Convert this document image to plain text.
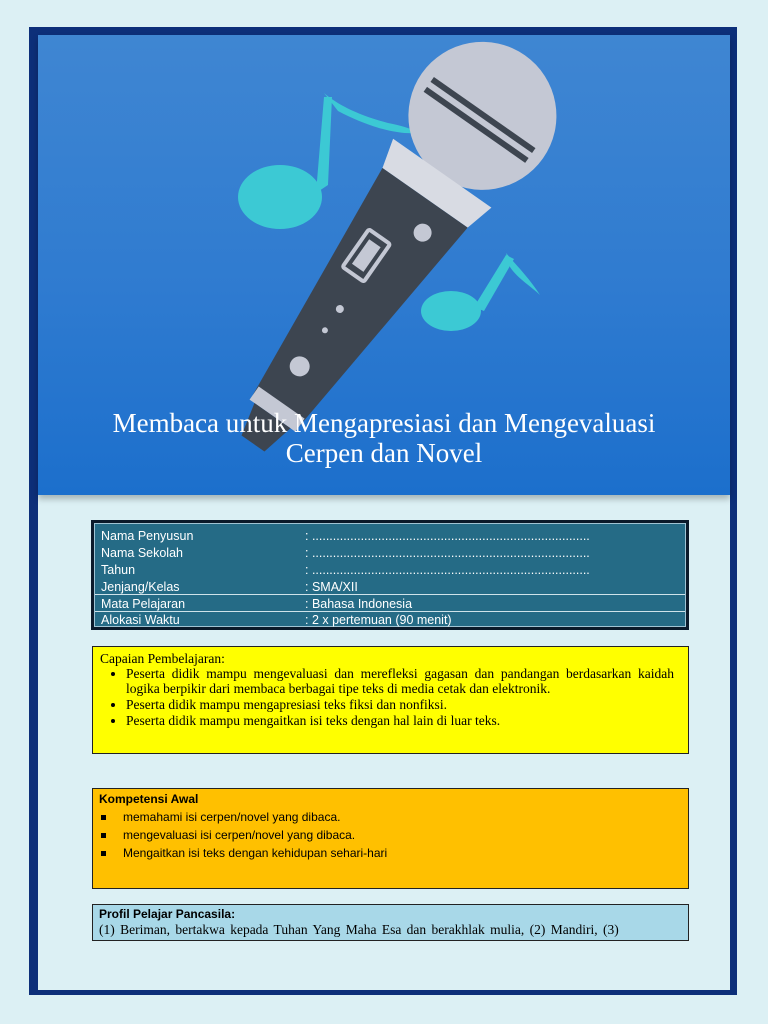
Membaca untuk Mengapresiasi dan Mengevaluasi
Cerpen dan Novel
Nama Penyusun	: ................................................................................
Nama Sekolah	: ................................................................................
Tahun	: ................................................................................
Jenjang/Kelas	: SMA/XII
Mata Pelajaran	: Bahasa Indonesia
Alokasi Waktu	: 2 x pertemuan (90 menit)
Capaian Pembelajaran:
• Peserta didik mampu mengevaluasi dan merefleksi gagasan dan pandangan berdasarkan kaidah logika berpikir dari membaca berbagai tipe teks di media cetak dan elektronik.
• Peserta didik mampu mengapresiasi teks fiksi dan nonfiksi.
• Peserta didik mampu mengaitkan isi teks dengan hal lain di luar teks.
Kompetensi Awal
memahami isi cerpen/novel yang dibaca.
mengevaluasi isi cerpen/novel yang dibaca.
Mengaitkan isi teks dengan kehidupan sehari-hari
Profil Pelajar Pancasila:
(1) Beriman, bertakwa kepada Tuhan Yang Maha Esa dan berakhlak mulia, (2) Mandiri, (3)
